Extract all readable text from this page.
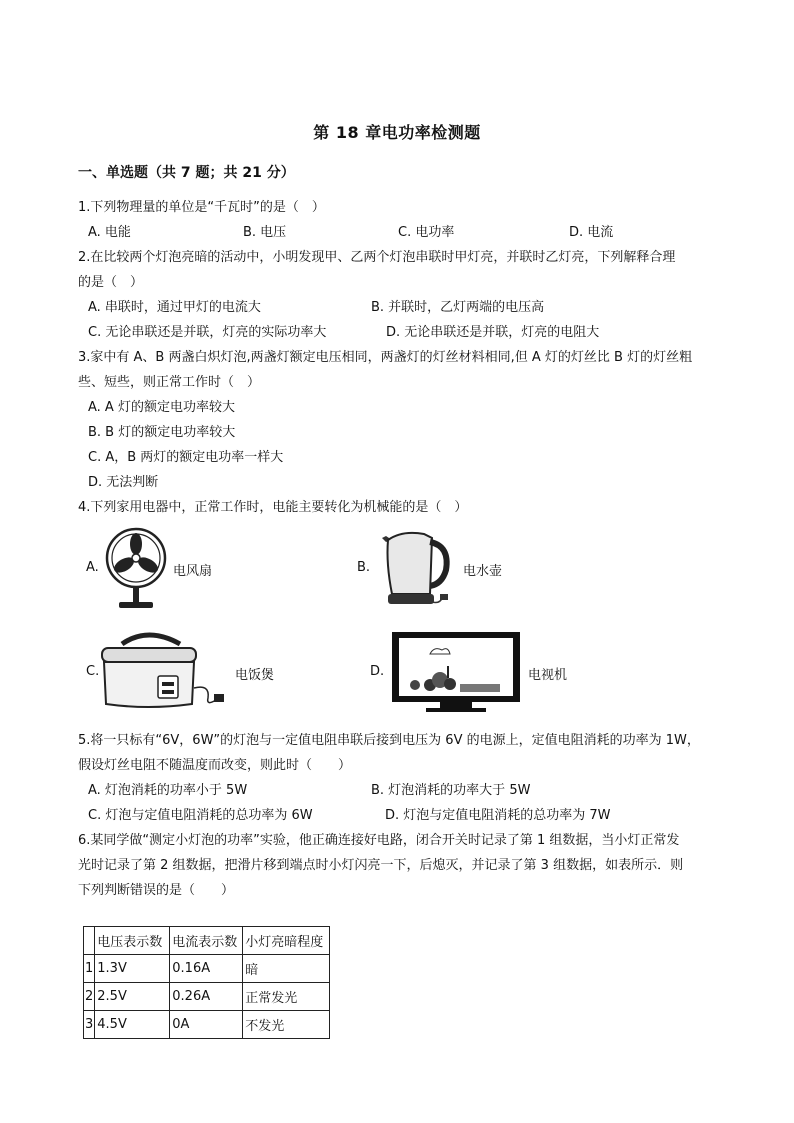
第 18 章电功率检测题
一、单选题（共 7 题；共 21 分）
1.下列物理量的单位是“千瓦时”的是（　）
A. 电能	B. 电压	C. 电功率	D. 电流
2.在比较两个灯泡亮暗的活动中，小明发现甲、乙两个灯泡串联时甲灯亮，并联时乙灯亮，下列解释合理
的是（　）
A. 串联时，通过甲灯的电流大	B. 并联时，乙灯两端的电压高
C. 无论串联还是并联，灯亮的实际功率大	D. 无论串联还是并联，灯亮的电阻大
3.家中有 A、B 两盏白炽灯泡,两盏灯额定电压相同，两盏灯的灯丝材料相同,但 A 灯的灯丝比 B 灯的灯丝粗
些、短些，则正常工作时（　）
A. A 灯的额定电功率较大
B. B 灯的额定电功率较大
C. A，B 两灯的额定电功率一样大
D. 无法判断
4.下列家用电器中，正常工作时，电能主要转化为机械能的是（　）
A.	电风扇	B.	电水壶
C.	电饭煲	D.	电视机
5.将一只标有“6V，6W”的灯泡与一定值电阻串联后接到电压为 6V 的电源上，定值电阻消耗的功率为 1W，
假设灯丝电阻不随温度而改变，则此时（　　）
A. 灯泡消耗的功率小于 5W	B. 灯泡消耗的功率大于 5W
C. 灯泡与定值电阻消耗的总功率为 6W	D. 灯泡与定值电阻消耗的总功率为 7W
6.某同学做“测定小灯泡的功率”实验，他正确连接好电路，闭合开关时记录了第 1 组数据，当小灯正常发
光时记录了第 2 组数据，把滑片移到端点时小灯闪亮一下，后熄灭，并记录了第 3 组数据，如表所示．则
下列判断错误的是（　　）
	电压表示数	电流表示数	小灯亮暗程度
1	1.3V	0.16A	暗
2	2.5V	0.26A	正常发光
3	4.5V	0A	不发光
